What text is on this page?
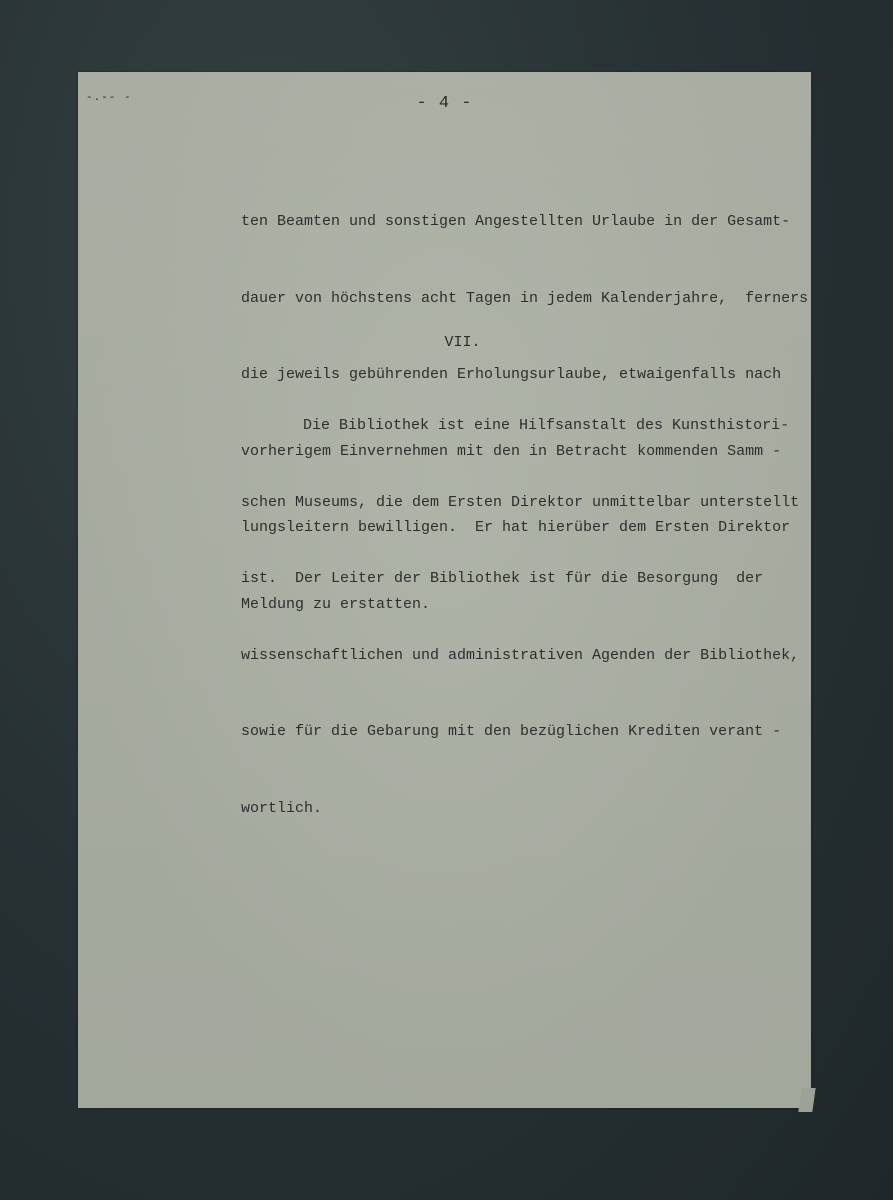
-.-- -	- 4 -

ten Beamten und sonstigen Angestellten Urlaube in der Gesamt-

dauer von höchstens acht Tagen in jedem Kalenderjahre,  ferners

die jeweils gebührenden Erholungsurlaube, etwaigenfalls nach

vorherigem Einvernehmen mit den in Betracht kommenden Samm -

lungsleitern bewilligen.  Er hat hierüber dem Ersten Direktor

Meldung zu erstatten.

VII.

Die Bibliothek ist eine Hilfsanstalt des Kunsthistori-

schen Museums, die dem Ersten Direktor unmittelbar unterstellt

ist.  Der Leiter der Bibliothek ist für die Besorgung  der

wissenschaftlichen und administrativen Agenden der Bibliothek,

sowie für die Gebarung mit den bezüglichen Krediten verant -

wortlich.
